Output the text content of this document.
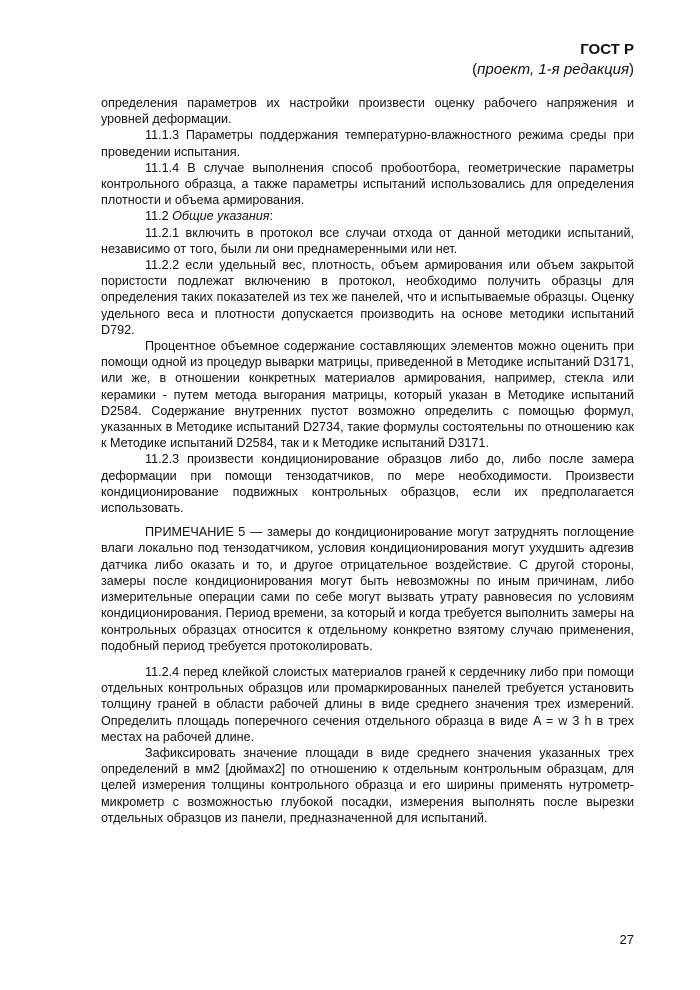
ГОСТ Р
(проект, 1-я редакция)

определения параметров их настройки произвести оценку рабочего напряжения и уровней деформации.

11.1.3 Параметры поддержания температурно-влажностного режима среды при проведении испытания.

11.1.4 В случае выполнения способ пробоотбора, геометрические параметры контрольного образца, а также параметры испытаний использовались для определения плотности и объема армирования.

11.2 Общие указания:

11.2.1 включить в протокол все случаи отхода от данной методики испытаний, независимо от того, были ли они преднамеренными или нет.

11.2.2 если удельный вес, плотность, объем армирования или объем закрытой пористости подлежат включению в протокол, необходимо получить образцы для определения таких показателей из тех же панелей, что и испытываемые образцы. Оценку удельного веса и плотности допускается производить на основе методики испытаний D792.

Процентное объемное содержание составляющих элементов можно оценить при помощи одной из процедур выварки матрицы, приведенной в Методике испытаний D3171, или же, в отношении конкретных материалов армирования, например, стекла или керамики - путем метода выгорания матрицы, который указан в Методике испытаний D2584. Содержание внутренних пустот возможно определить с помощью формул, указанных в Методике испытаний D2734, такие формулы состоятельны по отношению как к Методике испытаний D2584, так и к Методике испытаний D3171.

11.2.3 произвести кондиционирование образцов либо до, либо после замера деформации при помощи тензодатчиков, по мере необходимости. Произвести кондиционирование подвижных контрольных образцов, если их предполагается использовать.

ПРИМЕЧАНИЕ 5 — замеры до кондиционирование могут затруднять поглощение влаги локально под тензодатчиком, условия кондиционирования могут ухудшить адгезив датчика либо оказать и то, и другое отрицательное воздействие. С другой стороны, замеры после кондиционирования могут быть невозможны по иным причинам, либо измерительные операции сами по себе могут вызвать утрату равновесия по условиям кондиционирования. Период времени, за который и когда требуется выполнить замеры на контрольных образцах относится к отдельному конкретно взятому случаю применения, подобный период требуется протоколировать.

11.2.4 перед клейкой слоистых материалов граней к сердечнику либо при помощи отдельных контрольных образцов или промаркированных панелей требуется установить толщину граней в области рабочей длины в виде среднего значения трех измерений. Определить площадь поперечного сечения отдельного образца в виде A = w 3 h в трех местах на рабочей длине.

Зафиксировать значение площади в виде среднего значения указанных трех определений в мм2 [дюймах2] по отношению к отдельным контрольным образцам, для целей измерения толщины контрольного образца и его ширины применять нутрометр-микрометр с возможностью глубокой посадки, измерения выполнять после вырезки отдельных образцов из панели, предназначенной для испытаний.

27
